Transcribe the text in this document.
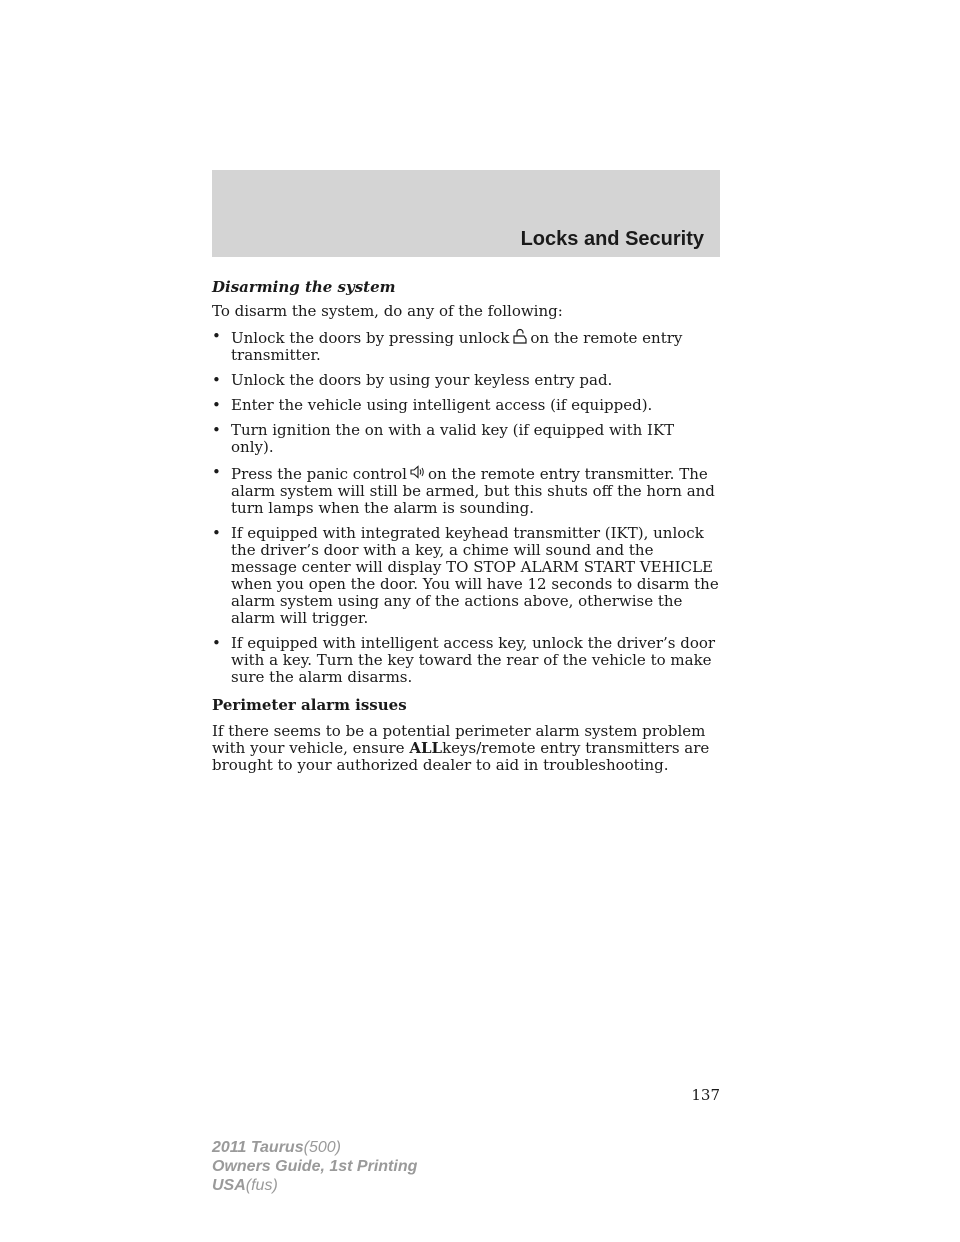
Locks and Security

Disarming the system

To disarm the system, do any of the following:

• Unlock the doors by pressing unlock on the remote entry transmitter.
• Unlock the doors by using your keyless entry pad.
• Enter the vehicle using intelligent access (if equipped).
• Turn ignition the on with a valid key (if equipped with IKT only).
• Press the panic control on the remote entry transmitter. The alarm system will still be armed, but this shuts off the horn and turn lamps when the alarm is sounding.
• If equipped with integrated keyhead transmitter (IKT), unlock the driver’s door with a key, a chime will sound and the message center will display TO STOP ALARM START VEHICLE when you open the door. You will have 12 seconds to disarm the alarm system using any of the actions above, otherwise the alarm will trigger.
• If equipped with intelligent access key, unlock the driver’s door with a key. Turn the key toward the rear of the vehicle to make sure the alarm disarms.

Perimeter alarm issues

If there seems to be a potential perimeter alarm system problem with your vehicle, ensure ALLkeys/remote entry transmitters are brought to your authorized dealer to aid in troubleshooting.

137
2011 Taurus(500)
Owners Guide, 1st Printing
USA(fus)
